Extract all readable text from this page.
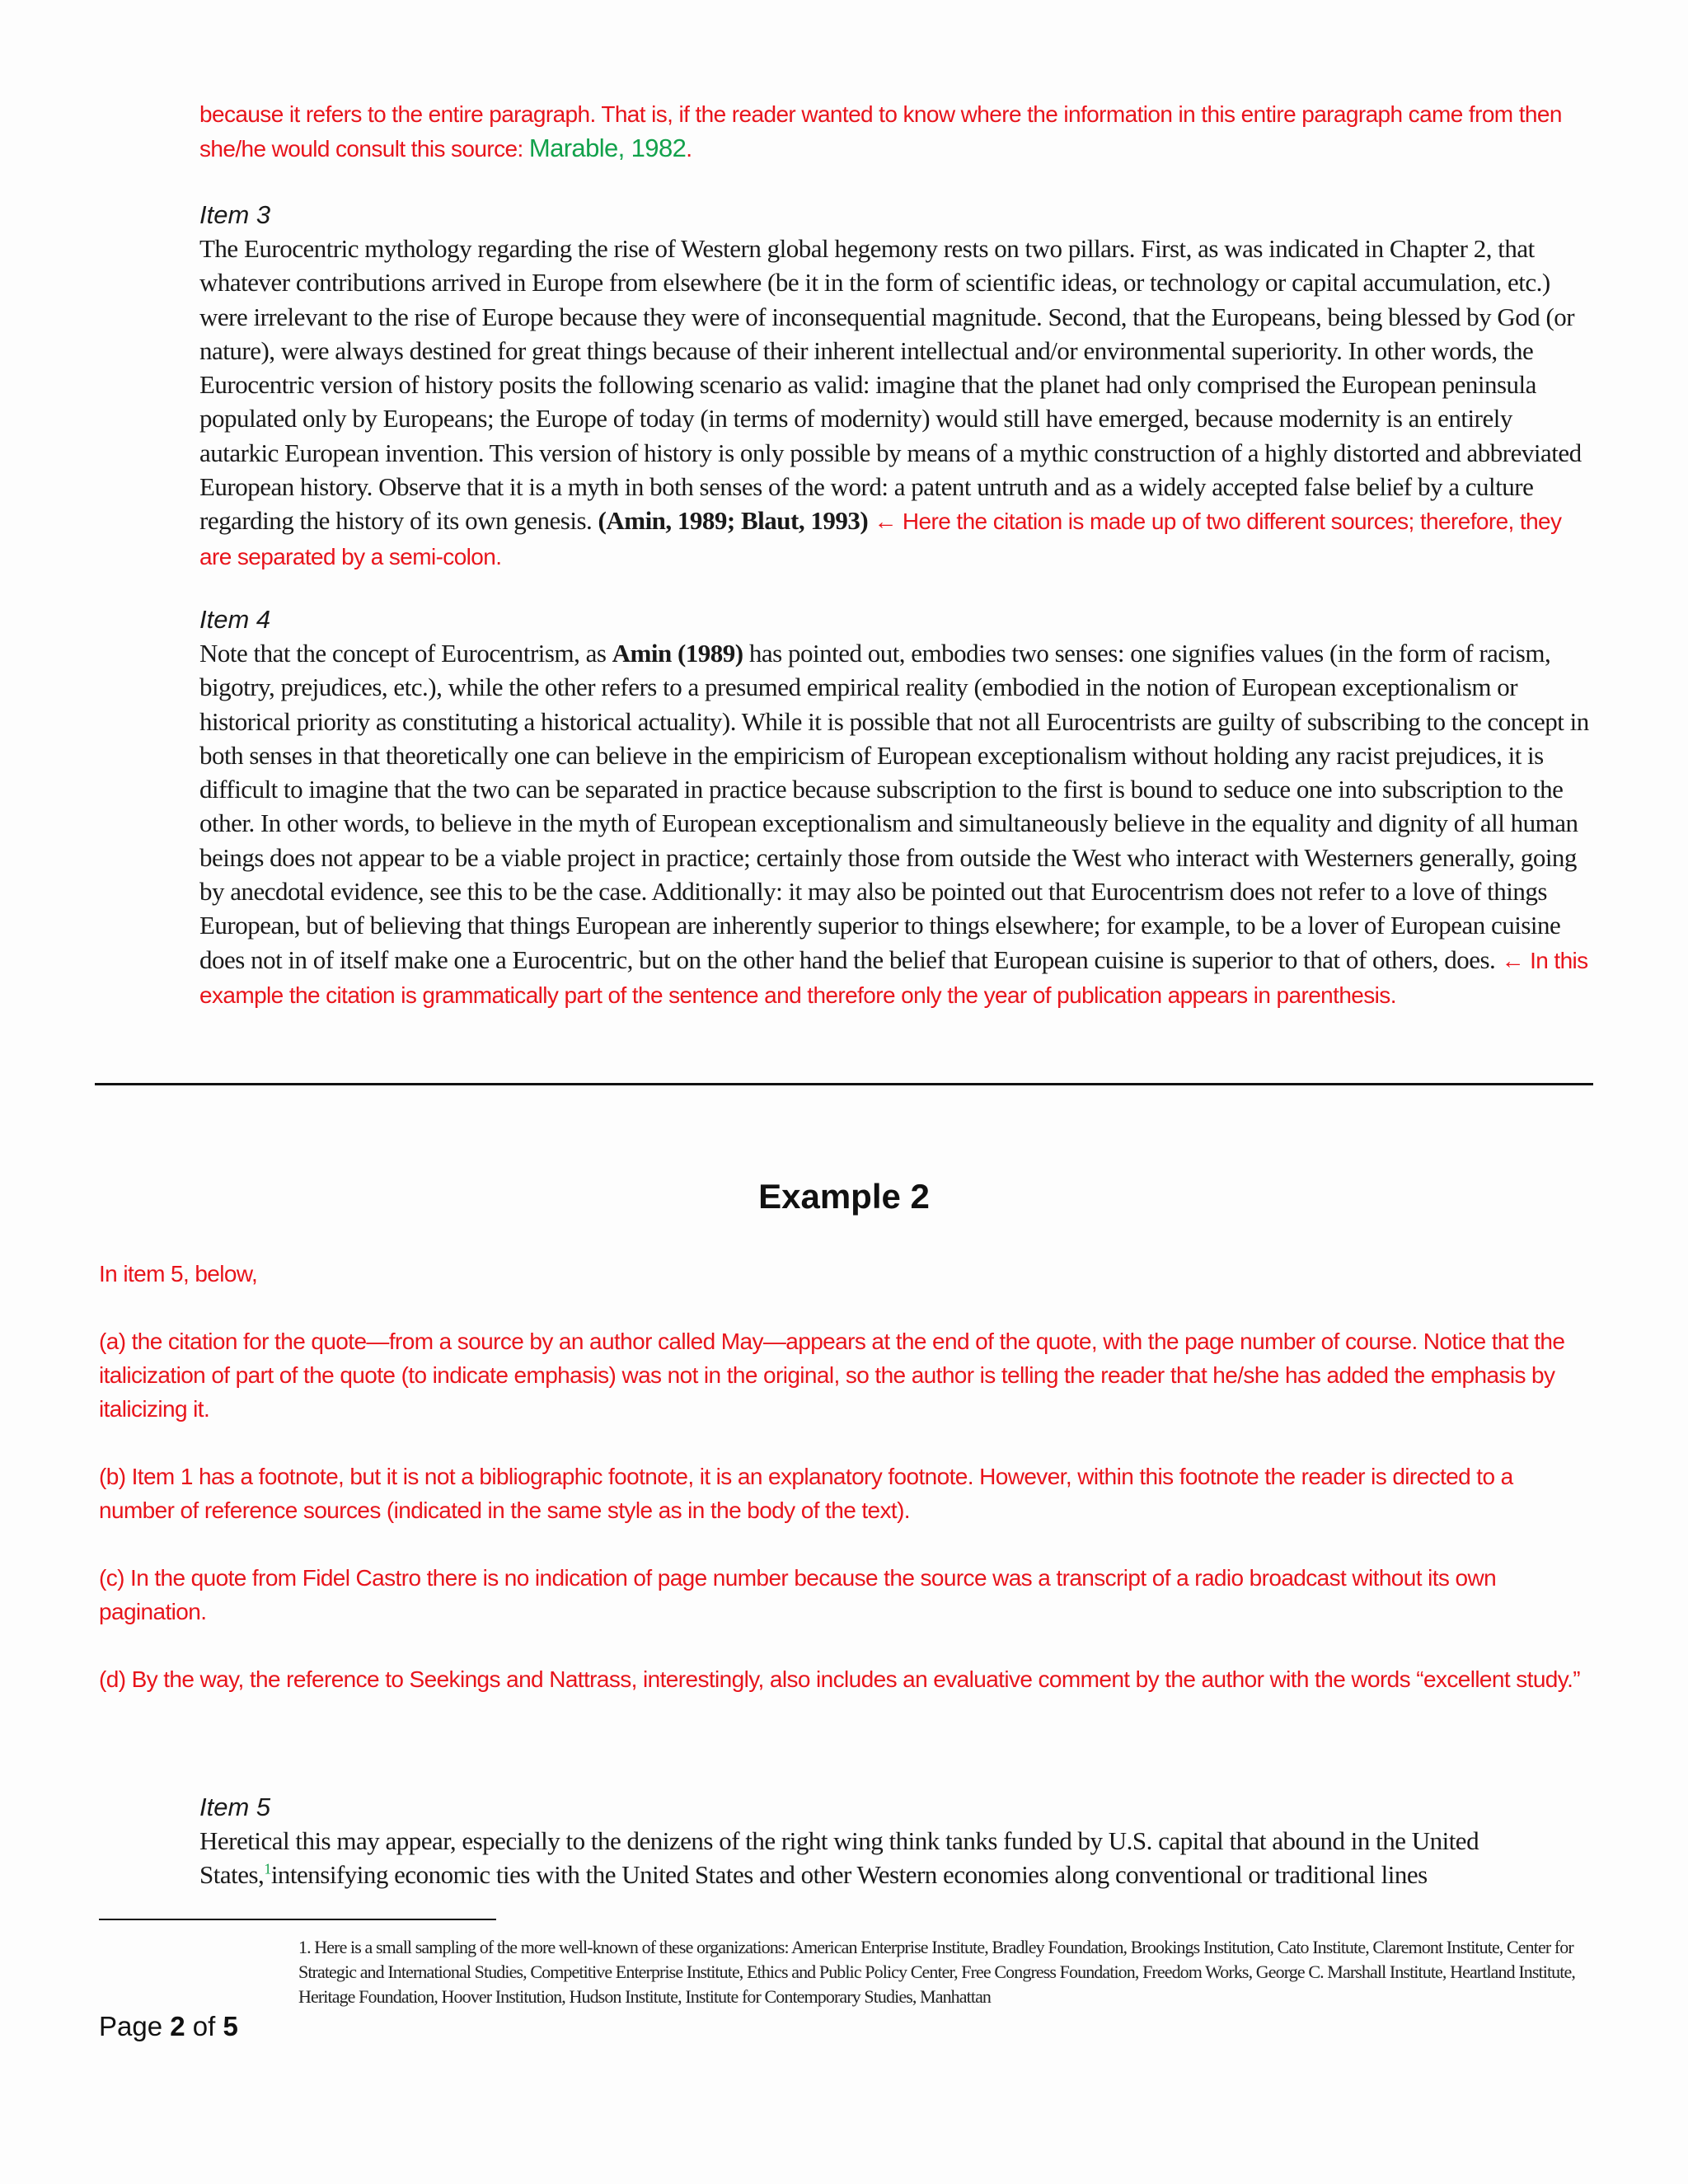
because it refers to the entire paragraph. That is, if the reader wanted to know where the information in this entire paragraph came from then she/he would consult this source: Marable, 1982.
Item 3
The Eurocentric mythology regarding the rise of Western global hegemony rests on two pillars. First, as was indicated in Chapter 2, that whatever contributions arrived in Europe from elsewhere (be it in the form of scientific ideas, or technology or capital accumulation, etc.) were irrelevant to the rise of Europe because they were of inconsequential magnitude. Second, that the Europeans, being blessed by God (or nature), were always destined for great things because of their inherent intellectual and/or environmental superiority. In other words, the Eurocentric version of history posits the following scenario as valid: imagine that the planet had only comprised the European peninsula populated only by Europeans; the Europe of today (in terms of modernity) would still have emerged, because modernity is an entirely autarkic European invention. This version of history is only possible by means of a mythic construction of a highly distorted and abbreviated European history. Observe that it is a myth in both senses of the word: a patent untruth and as a widely accepted false belief by a culture regarding the history of its own genesis. (Amin, 1989; Blaut, 1993) ← Here the citation is made up of two different sources; therefore, they are separated by a semi-colon.
Item 4
Note that the concept of Eurocentrism, as Amin (1989) has pointed out, embodies two senses: one signifies values (in the form of racism, bigotry, prejudices, etc.), while the other refers to a presumed empirical reality (embodied in the notion of European exceptionalism or historical priority as constituting a historical actuality). While it is possible that not all Eurocentrists are guilty of subscribing to the concept in both senses in that theoretically one can believe in the empiricism of European exceptionalism without holding any racist prejudices, it is difficult to imagine that the two can be separated in practice because subscription to the first is bound to seduce one into subscription to the other. In other words, to believe in the myth of European exceptionalism and simultaneously believe in the equality and dignity of all human beings does not appear to be a viable project in practice; certainly those from outside the West who interact with Westerners generally, going by anecdotal evidence, see this to be the case. Additionally: it may also be pointed out that Eurocentrism does not refer to a love of things European, but of believing that things European are inherently superior to things elsewhere; for example, to be a lover of European cuisine does not in of itself make one a Eurocentric, but on the other hand the belief that European cuisine is superior to that of others, does. ← In this example the citation is grammatically part of the sentence and therefore only the year of publication appears in parenthesis.
Example 2
In item 5, below,
(a) the citation for the quote—from a source by an author called May—appears at the end of the quote, with the page number of course. Notice that the italicization of part of the quote (to indicate emphasis) was not in the original, so the author is telling the reader that he/she has added the emphasis by italicizing it.
(b) Item 1 has a footnote, but it is not a bibliographic footnote, it is an explanatory footnote. However, within this footnote the reader is directed to a number of reference sources (indicated in the same style as in the body of the text).
(c) In the quote from Fidel Castro there is no indication of page number because the source was a transcript of a radio broadcast without its own pagination.
(d) By the way, the reference to Seekings and Nattrass, interestingly, also includes an evaluative comment by the author with the words “excellent study.”
Item 5
Heretical this may appear, especially to the denizens of the right wing think tanks funded by U.S. capital that abound in the United States,$^1$intensifying economic ties with the United States and other Western economies along conventional or traditional lines
1. Here is a small sampling of the more well-known of these organizations: American Enterprise Institute, Bradley Foundation, Brookings Institution, Cato Institute, Claremont Institute, Center for Strategic and International Studies, Competitive Enterprise Institute, Ethics and Public Policy Center, Free Congress Foundation, Freedom Works, George C. Marshall Institute, Heartland Institute, Heritage Foundation, Hoover Institution, Hudson Institute, Institute for Contemporary Studies, Manhattan
Page 2 of 5
